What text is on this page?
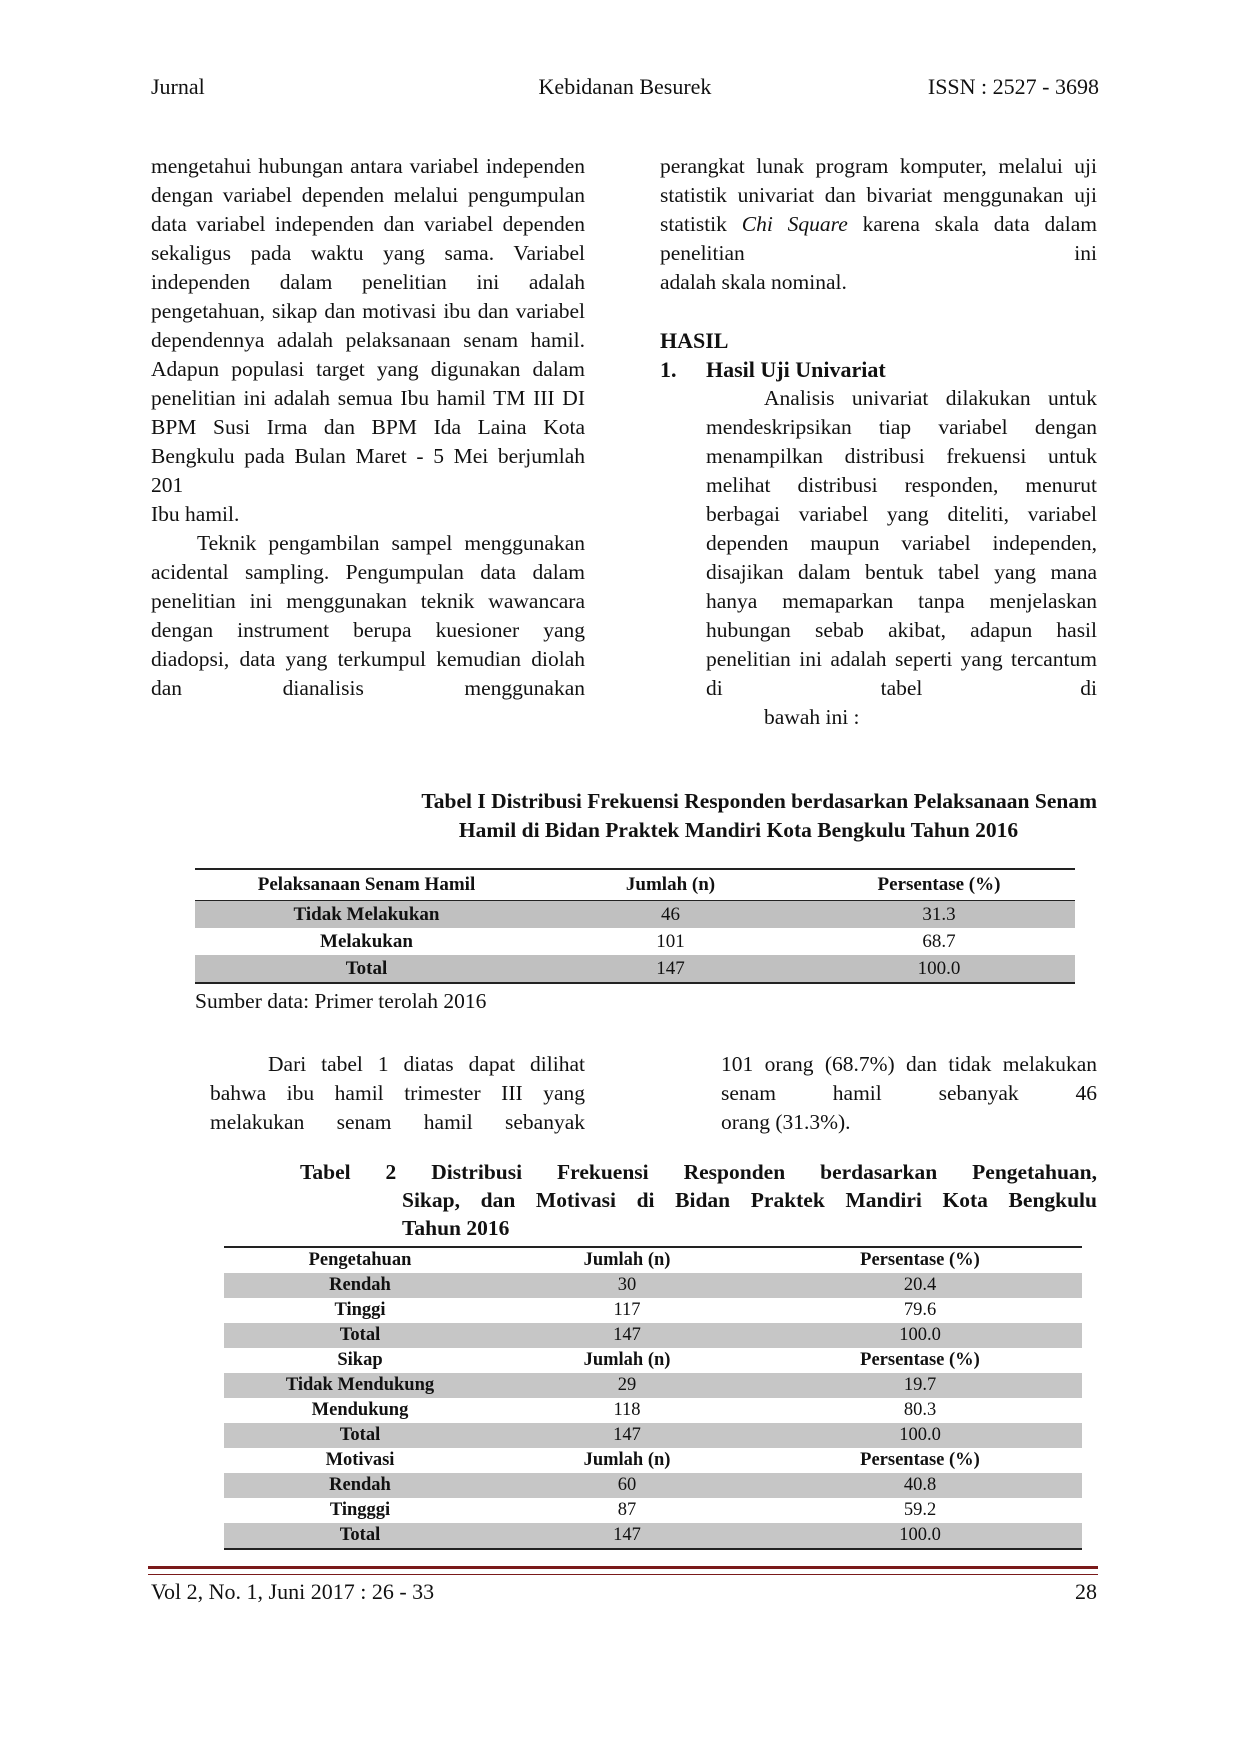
Jurnal	Kebidanan Besurek	ISSN : 2527 - 3698

mengetahui hubungan antara variabel independen dengan variabel dependen melalui pengumpulan data variabel independen dan variabel dependen sekaligus pada waktu yang sama. Variabel independen dalam penelitian ini adalah pengetahuan, sikap dan motivasi ibu dan variabel dependennya adalah pelaksanaan senam hamil. Adapun populasi target yang digunakan dalam penelitian ini adalah semua Ibu hamil TM III DI BPM Susi Irma dan BPM Ida Laina Kota Bengkulu pada Bulan Maret - 5 Mei berjumlah 201
Ibu hamil.

Teknik pengambilan sampel menggunakan acidental sampling. Pengumpulan data dalam penelitian ini menggunakan teknik wawancara dengan instrument berupa kuesioner yang diadopsi, data yang terkumpul kemudian diolah dan dianalisis menggunakan

perangkat lunak program komputer, melalui uji statistik univariat dan bivariat menggunakan uji statistik Chi Square karena skala data dalam penelitian ini
adalah skala nominal.

HASIL

1. Hasil Uji Univariat

Analisis univariat dilakukan untuk mendeskripsikan tiap variabel dengan menampilkan distribusi frekuensi untuk melihat distribusi responden, menurut berbagai variabel yang diteliti, variabel dependen maupun variabel independen, disajikan dalam bentuk tabel yang mana hanya memaparkan tanpa menjelaskan hubungan sebab akibat, adapun hasil penelitian ini adalah seperti yang tercantum di tabel di
bawah ini :

Tabel I Distribusi Frekuensi Responden berdasarkan Pelaksanaan Senam
Hamil di Bidan Praktek Mandiri Kota Bengkulu Tahun 2016
Pelaksanaan Senam Hamil	Jumlah (n)	Persentase (%)
Tidak Melakukan	46	31.3
Melakukan	101	68.7
Total	147	100.0
Sumber data: Primer terolah 2016

Dari tabel 1 diatas dapat dilihat bahwa ibu hamil trimester III yang melakukan senam hamil sebanyak

101 orang (68.7%) dan tidak melakukan senam hamil sebanyak 46
orang (31.3%).

Tabel 2 Distribusi Frekuensi Responden berdasarkan Pengetahuan,
Sikap, dan Motivasi di Bidan Praktek Mandiri Kota Bengkulu
Tahun 2016
Pengetahuan	Jumlah (n)	Persentase (%)
Rendah	30	20.4
Tinggi	117	79.6
Total	147	100.0
Sikap	Jumlah (n)	Persentase (%)
Tidak Mendukung	29	19.7
Mendukung	118	80.3
Total	147	100.0
Motivasi	Jumlah (n)	Persentase (%)
Rendah	60	40.8
Tingggi	87	59.2
Total	147	100.0
Vol 2, No. 1, Juni 2017 : 26 - 33	28
